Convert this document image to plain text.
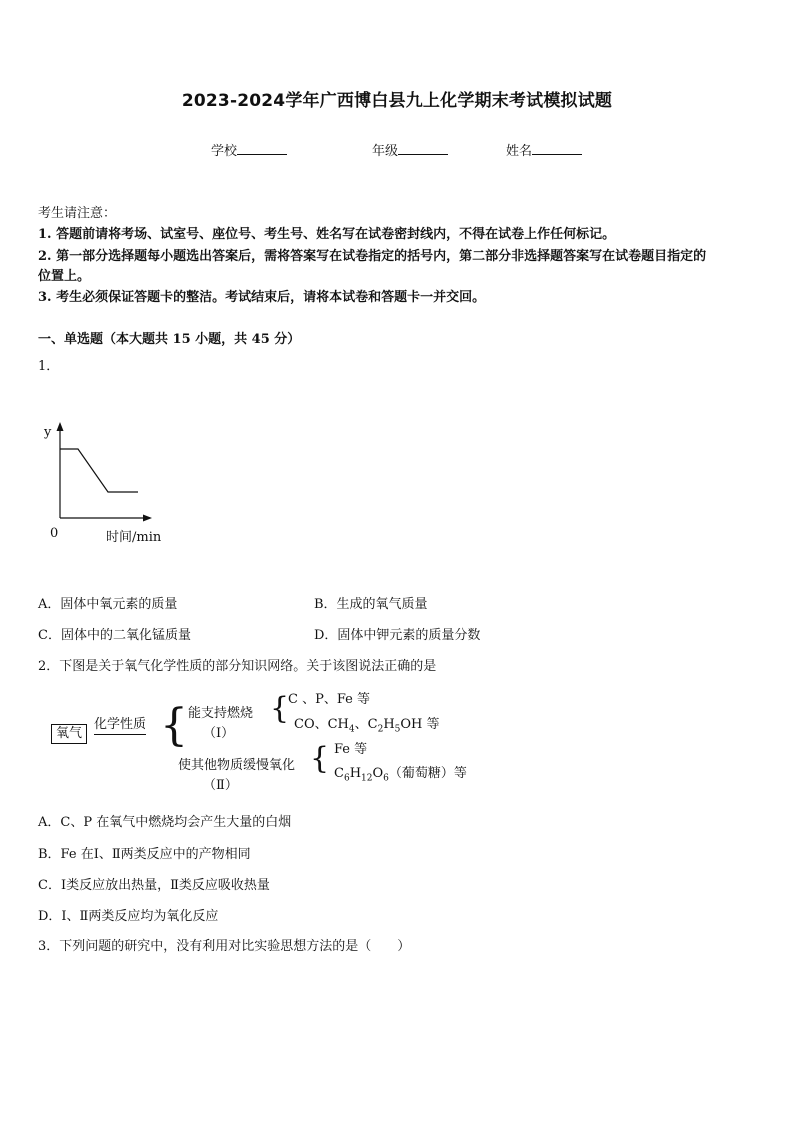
2023-2024学年广西博白县九上化学期末考试模拟试题
学校	年级	姓名
考生请注意：
1. 答题前请将考场、试室号、座位号、考生号、姓名写在试卷密封线内，不得在试卷上作任何标记。
2. 第一部分选择题每小题选出答案后，需将答案写在试卷指定的括号内，第二部分非选择题答案写在试卷题目指定的
位置上。
3. 考生必须保证答题卡的整洁。考试结束后，请将本试卷和答题卡一并交回。
一、单选题（本大题共 15 小题，共 45 分）
1．
y
0	时间/min
A．固体中氧元素的质量	B．生成的氧气质量
C．固体中的二氧化锰质量	D．固体中钾元素的质量分数
2．下图是关于氧气化学性质的部分知识网络。关于该图说法正确的是
氧气
化学性质 { 能支持燃烧
（Ⅰ）
{
C 、P、Fe 等
CO、$CH_4$、$C_2H_5OH$ 等
使其他物质缓慢氧化
（Ⅱ）
{ Fe 等
$C_6H_{12}O_6$（葡萄糖）等
A．C、P 在氧气中燃烧均会产生大量的白烟
B．Fe 在Ⅰ、Ⅱ两类反应中的产物相同
C．Ⅰ类反应放出热量，Ⅱ类反应吸收热量
D．Ⅰ、Ⅱ两类反应均为氧化反应
3．下列问题的研究中，没有利用对比实验思想方法的是（　　）
